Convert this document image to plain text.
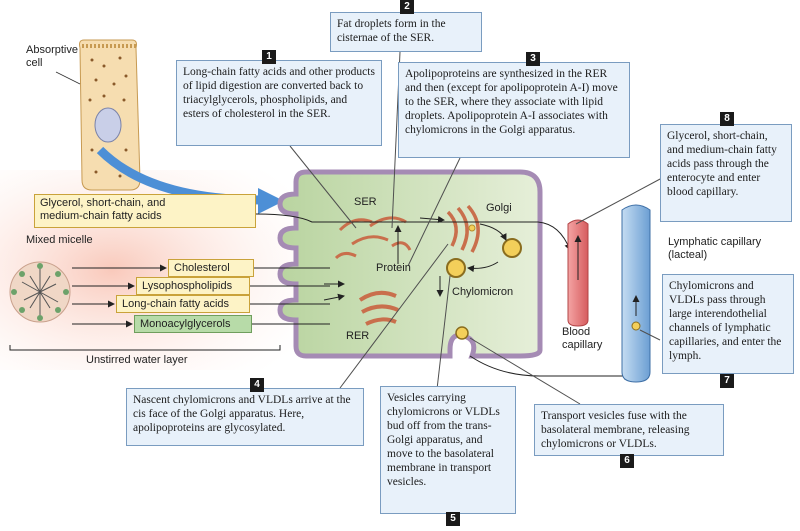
Absorptive
cell
SER	Golgi
Protein
RER
Chylomicron
Mixed micelle
Unstirred water layer
Blood
capillary
Lymphatic capillary
(lacteal)
Glycerol, short-chain, and
medium-chain fatty acids
Cholesterol
Lysophospholipids
Long-chain fatty acids
Monoacylglycerols
Long-chain fatty acids and other products of lipid digestion are converted back to triacylglycerols, phospholipids, and esters of cholesterol in the SER.
1
Fat droplets form in the cisternae of the SER.
2
Apolipoproteins are synthesized in the RER and then (except for apolipoprotein A-I) move to the SER, where they associate with lipid droplets. Apolipoprotein A-I associates with chylomicrons in the Golgi apparatus.
3
Nascent chylomicrons and VLDLs arrive at the cis face of the Golgi apparatus. Here, apolipoproteins are glycosylated.
4
Vesicles carrying chylomicrons or VLDLs bud off from the trans-Golgi apparatus, and move to the basolateral membrane in transport vesicles.
5
Transport vesicles fuse with the basolateral membrane, releasing chylomicrons or VLDLs.
6
Chylomicrons and VLDLs pass through large interendothelial channels of lymphatic capillaries, and enter the lymph.
7
Glycerol, short-chain, and medium-chain fatty acids pass through the enterocyte and enter blood capillary.
8
